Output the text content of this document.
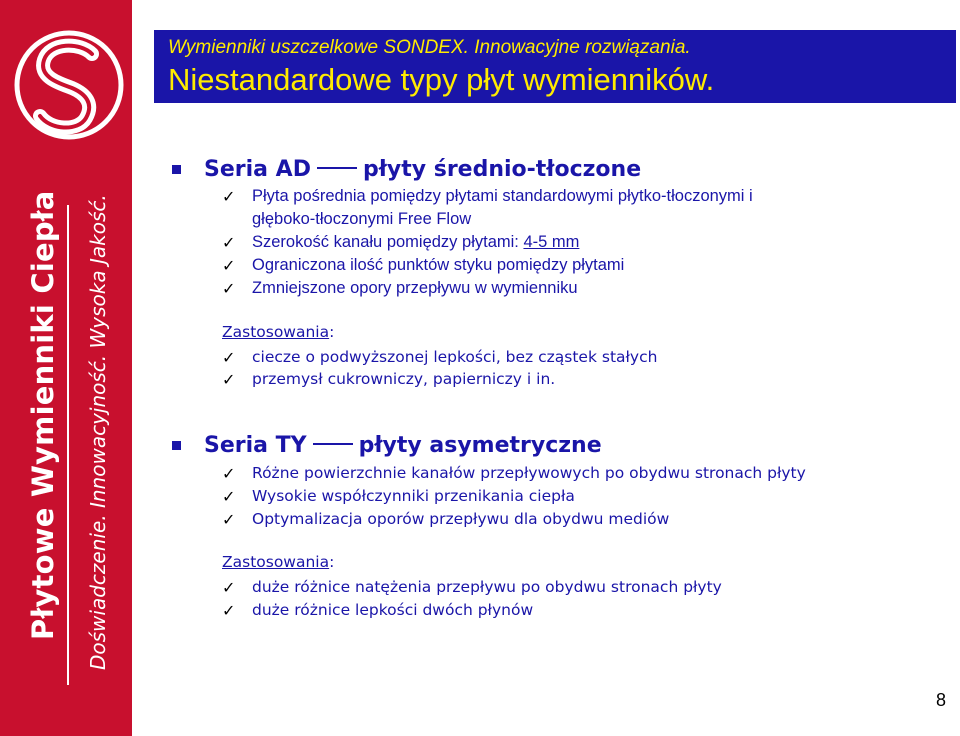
Płytowe Wymienniki Ciepła Doświadczenie. Innowacyjność. Wysoka Jakość.
Wymienniki uszczelkowe SONDEX. Innowacyjne rozwiązania.
Niestandardowe typy płyt wymienników.
Seria AD płyty średnio-tłoczone
✓ Płyta pośrednia pomiędzy płytami standardowymi płytko-tłoczonymi i
głęboko-tłoczonymi Free Flow
✓ Szerokość kanału pomiędzy płytami: 4-5 mm
✓ Ograniczona ilość punktów styku pomiędzy płytami
✓ Zmniejszone opory przepływu w wymienniku
Zastosowania:
✓ ciecze o podwyższonej lepkości, bez cząstek stałych
✓ przemysł cukrowniczy, papierniczy i in.
Seria TY płyty asymetryczne
✓ Różne powierzchnie kanałów przepływowych po obydwu stronach płyty
✓ Wysokie współczynniki przenikania ciepła
✓ Optymalizacja oporów przepływu dla obydwu mediów
Zastosowania:
✓ duże różnice natężenia przepływu po obydwu stronach płyty
✓ duże różnice lepkości dwóch płynów
8
